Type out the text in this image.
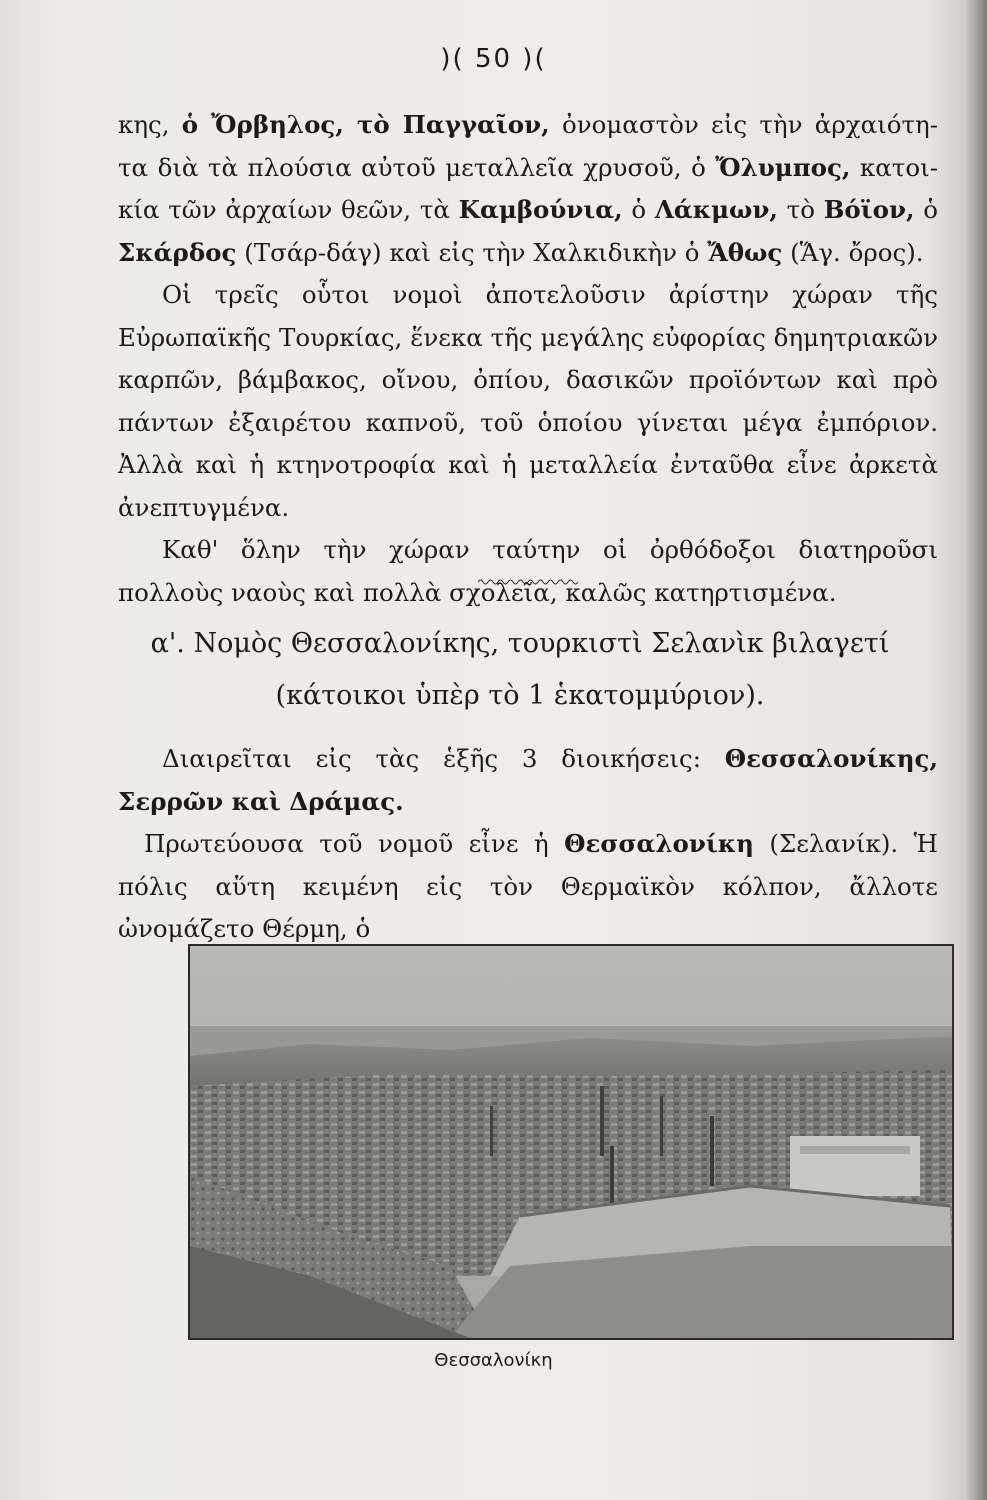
)( 50 )(

κης, ὁ Ὄρβηλος, τὸ Παγγαῖον, ὀνομαστὸν εἰς τὴν ἀρχαιότη- τα διὰ τὰ πλούσια αὐτοῦ μεταλλεῖα χρυσοῦ, ὁ Ὄλυμπος, κατοι- κία τῶν ἀρχαίων θεῶν, τὰ Καμβούνια, ὁ Λάκμων, τὸ Βόϊον, ὁ Σκάρδος (Τσάρ-δάγ) καὶ εἰς τὴν Χαλκιδικὴν ὁ Ἄθως (Ἅγ. ὄρος).

Οἱ τρεῖς οὗτοι νομοὶ ἀποτελοῦσιν ἀρίστην χώραν τῆς Εὐρωπαϊκῆς Τουρκίας, ἕνεκα τῆς μεγάλης εὐφορίας δημητριακῶν καρπῶν, βάμβακος, οἴνου, ὀπίου, δασικῶν προϊόντων καὶ πρὸ πάντων ἐξαιρέτου καπνοῦ, τοῦ ὁποίου γίνεται μέγα ἐμπόριον. Ἀλλὰ καὶ ἡ κτηνοτροφία καὶ ἡ μεταλλεία ἐνταῦθα εἶνε ἀρκετὰ ἀνεπτυγμένα.

Καθ' ὅλην τὴν χώραν ταύτην οἱ ὀρθόδοξοι διατηροῦσι πολλοὺς ναοὺς καὶ πολλὰ σχολεῖα, καλῶς κατηρτισμένα.

α'. Νομὸς Θεσσαλονίκης, τουρκιστὶ Σελανὶκ βιλαγετί
(κάτοικοι ὑπὲρ τὸ 1 ἑκατομμύριον).

Διαιρεῖται εἰς τὰς ἑξῆς 3 διοικήσεις: Θεσσαλονίκης, Σερρῶν καὶ Δράμας.

Πρωτεύουσα τοῦ νομοῦ εἶνε ἡ Θεσσαλονίκη (Σελανίκ). Ἡ πόλις αὕτη κειμένη εἰς τὸν Θερμαϊκὸν κόλπον, ἄλλοτε ὠνομάζετο Θέρμη, ὁ

Θεσσαλονίκη
